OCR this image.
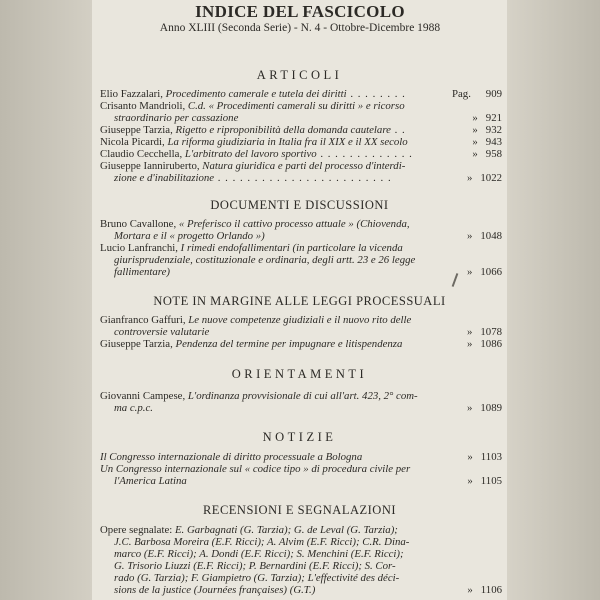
INDICE DEL FASCICOLO
Anno XLIII (Seconda Serie) - N. 4 - Ottobre-Dicembre 1988
ARTICOLI
Pag.
Elio Fazzalari, Procedimento camerale e tutela dei diritti . . . . . . . .	909
Crisanto Mandrioli, C.d. « Procedimenti camerali su diritti » e ricorso
straordinario per cassazione	» 921
Giuseppe Tarzia, Rigetto e riproponibilità della domanda cautelare . .	» 932
Nicola Picardi, La riforma giudiziaria in Italia fra il XIX e il XX secolo	» 943
Claudio Cecchella, L'arbitrato del lavoro sportivo . . . . . . . . . . . . .	» 958
Giuseppe Ianniruberto, Natura giuridica e parti del processo d'interdi-
zione e d'inabilitazione . . . . . . . . . . . . . . . . . . . . . . . .	» 1022
DOCUMENTI E DISCUSSIONI
Bruno Cavallone, « Preferisco il cattivo processo attuale » (Chiovenda,
Mortara e il « progetto Orlando »)	» 1048
Lucio Lanfranchi, I rimedi endofallimentari (in particolare la vicenda
giurisprudenziale, costituzionale e ordinaria, degli artt. 23 e 26 legge
fallimentare)	» 1066
NOTE IN MARGINE ALLE LEGGI PROCESSUALI
Gianfranco Gaffuri, Le nuove competenze giudiziali e il nuovo rito delle
controversie valutarie	» 1078
Giuseppe Tarzia, Pendenza del termine per impugnare e litispendenza	» 1086
ORIENTAMENTI
Giovanni Campese, L'ordinanza provvisionale di cui all'art. 423, 2° com-
ma c.p.c.	» 1089
NOTIZIE
Il Congresso internazionale di diritto processuale a Bologna	» 1103
Un Congresso internazionale sul « codice tipo » di procedura civile per
l'America Latina	» 1105
RECENSIONI E SEGNALAZIONI
Opere segnalate: E. Garbagnati (G. Tarzia); G. de Leval (G. Tarzia);
J.C. Barbosa Moreira (E.F. Ricci); A. Alvim (E.F. Ricci); C.R. Dina-
marco (E.F. Ricci); A. Dondi (E.F. Ricci); S. Menchini (E.F. Ricci);
G. Trisorio Liuzzi (E.F. Ricci); P. Bernardini (E.F. Ricci); S. Cor-
rado (G. Tarzia); F. Giampietro (G. Tarzia); L'effectivité des déci-
sions de la justice (Journées françaises) (G.T.)	» 1106
